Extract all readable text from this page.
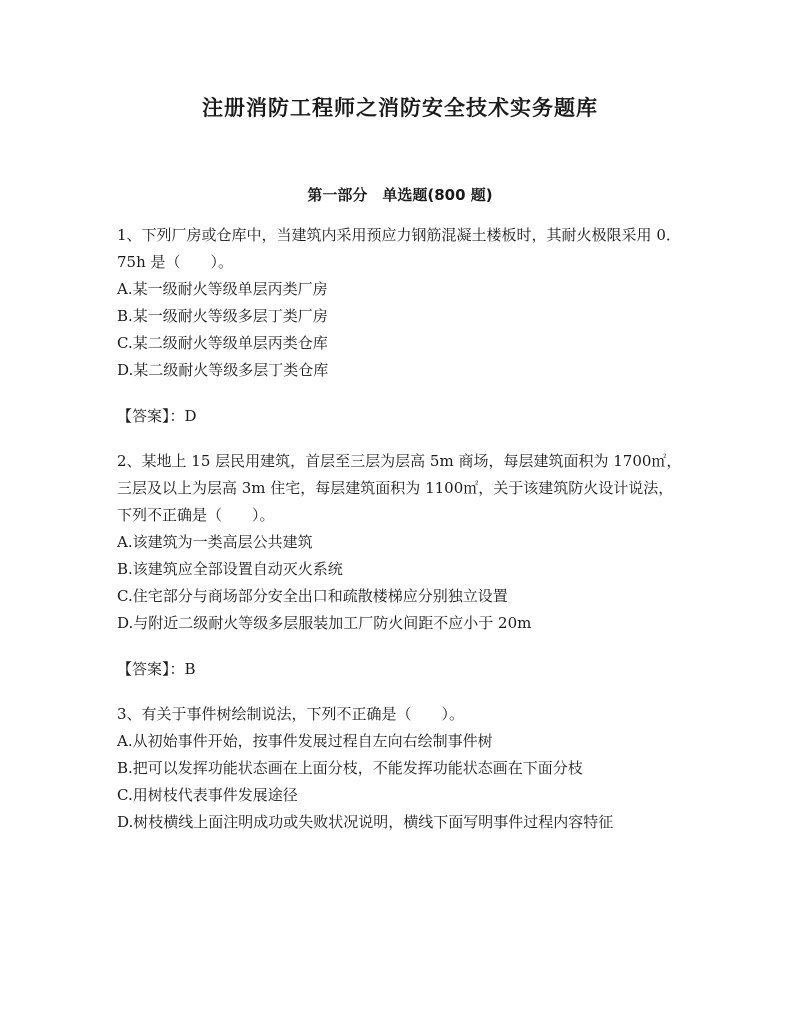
注册消防工程师之消防安全技术实务题库
第一部分　单选题(800 题)

1、下列厂房或仓库中，当建筑内采用预应力钢筋混凝土楼板时，其耐火极限采用 0．75h 是（　　）。

A.某一级耐火等级单层丙类厂房

B.某一级耐火等级多层丁类厂房

C.某二级耐火等级单层丙类仓库

D.某二级耐火等级多层丁类仓库

【答案】：D

2、某地上 15 层民用建筑，首层至三层为层高 5m 商场，每层建筑面积为 1700㎡，三层及以上为层高 3m 住宅，每层建筑面积为 1100㎡，关于该建筑防火设计说法，下列不正确是（　　）。

A.该建筑为一类高层公共建筑

B.该建筑应全部设置自动灭火系统

C.住宅部分与商场部分安全出口和疏散楼梯应分别独立设置

D.与附近二级耐火等级多层服装加工厂防火间距不应小于 20m

【答案】：B

3、有关于事件树绘制说法，下列不正确是（　　）。

A.从初始事件开始，按事件发展过程自左向右绘制事件树

B.把可以发挥功能状态画在上面分枝，不能发挥功能状态画在下面分枝

C.用树枝代表事件发展途径

D.树枝横线上面注明成功或失败状况说明，横线下面写明事件过程内容特征
